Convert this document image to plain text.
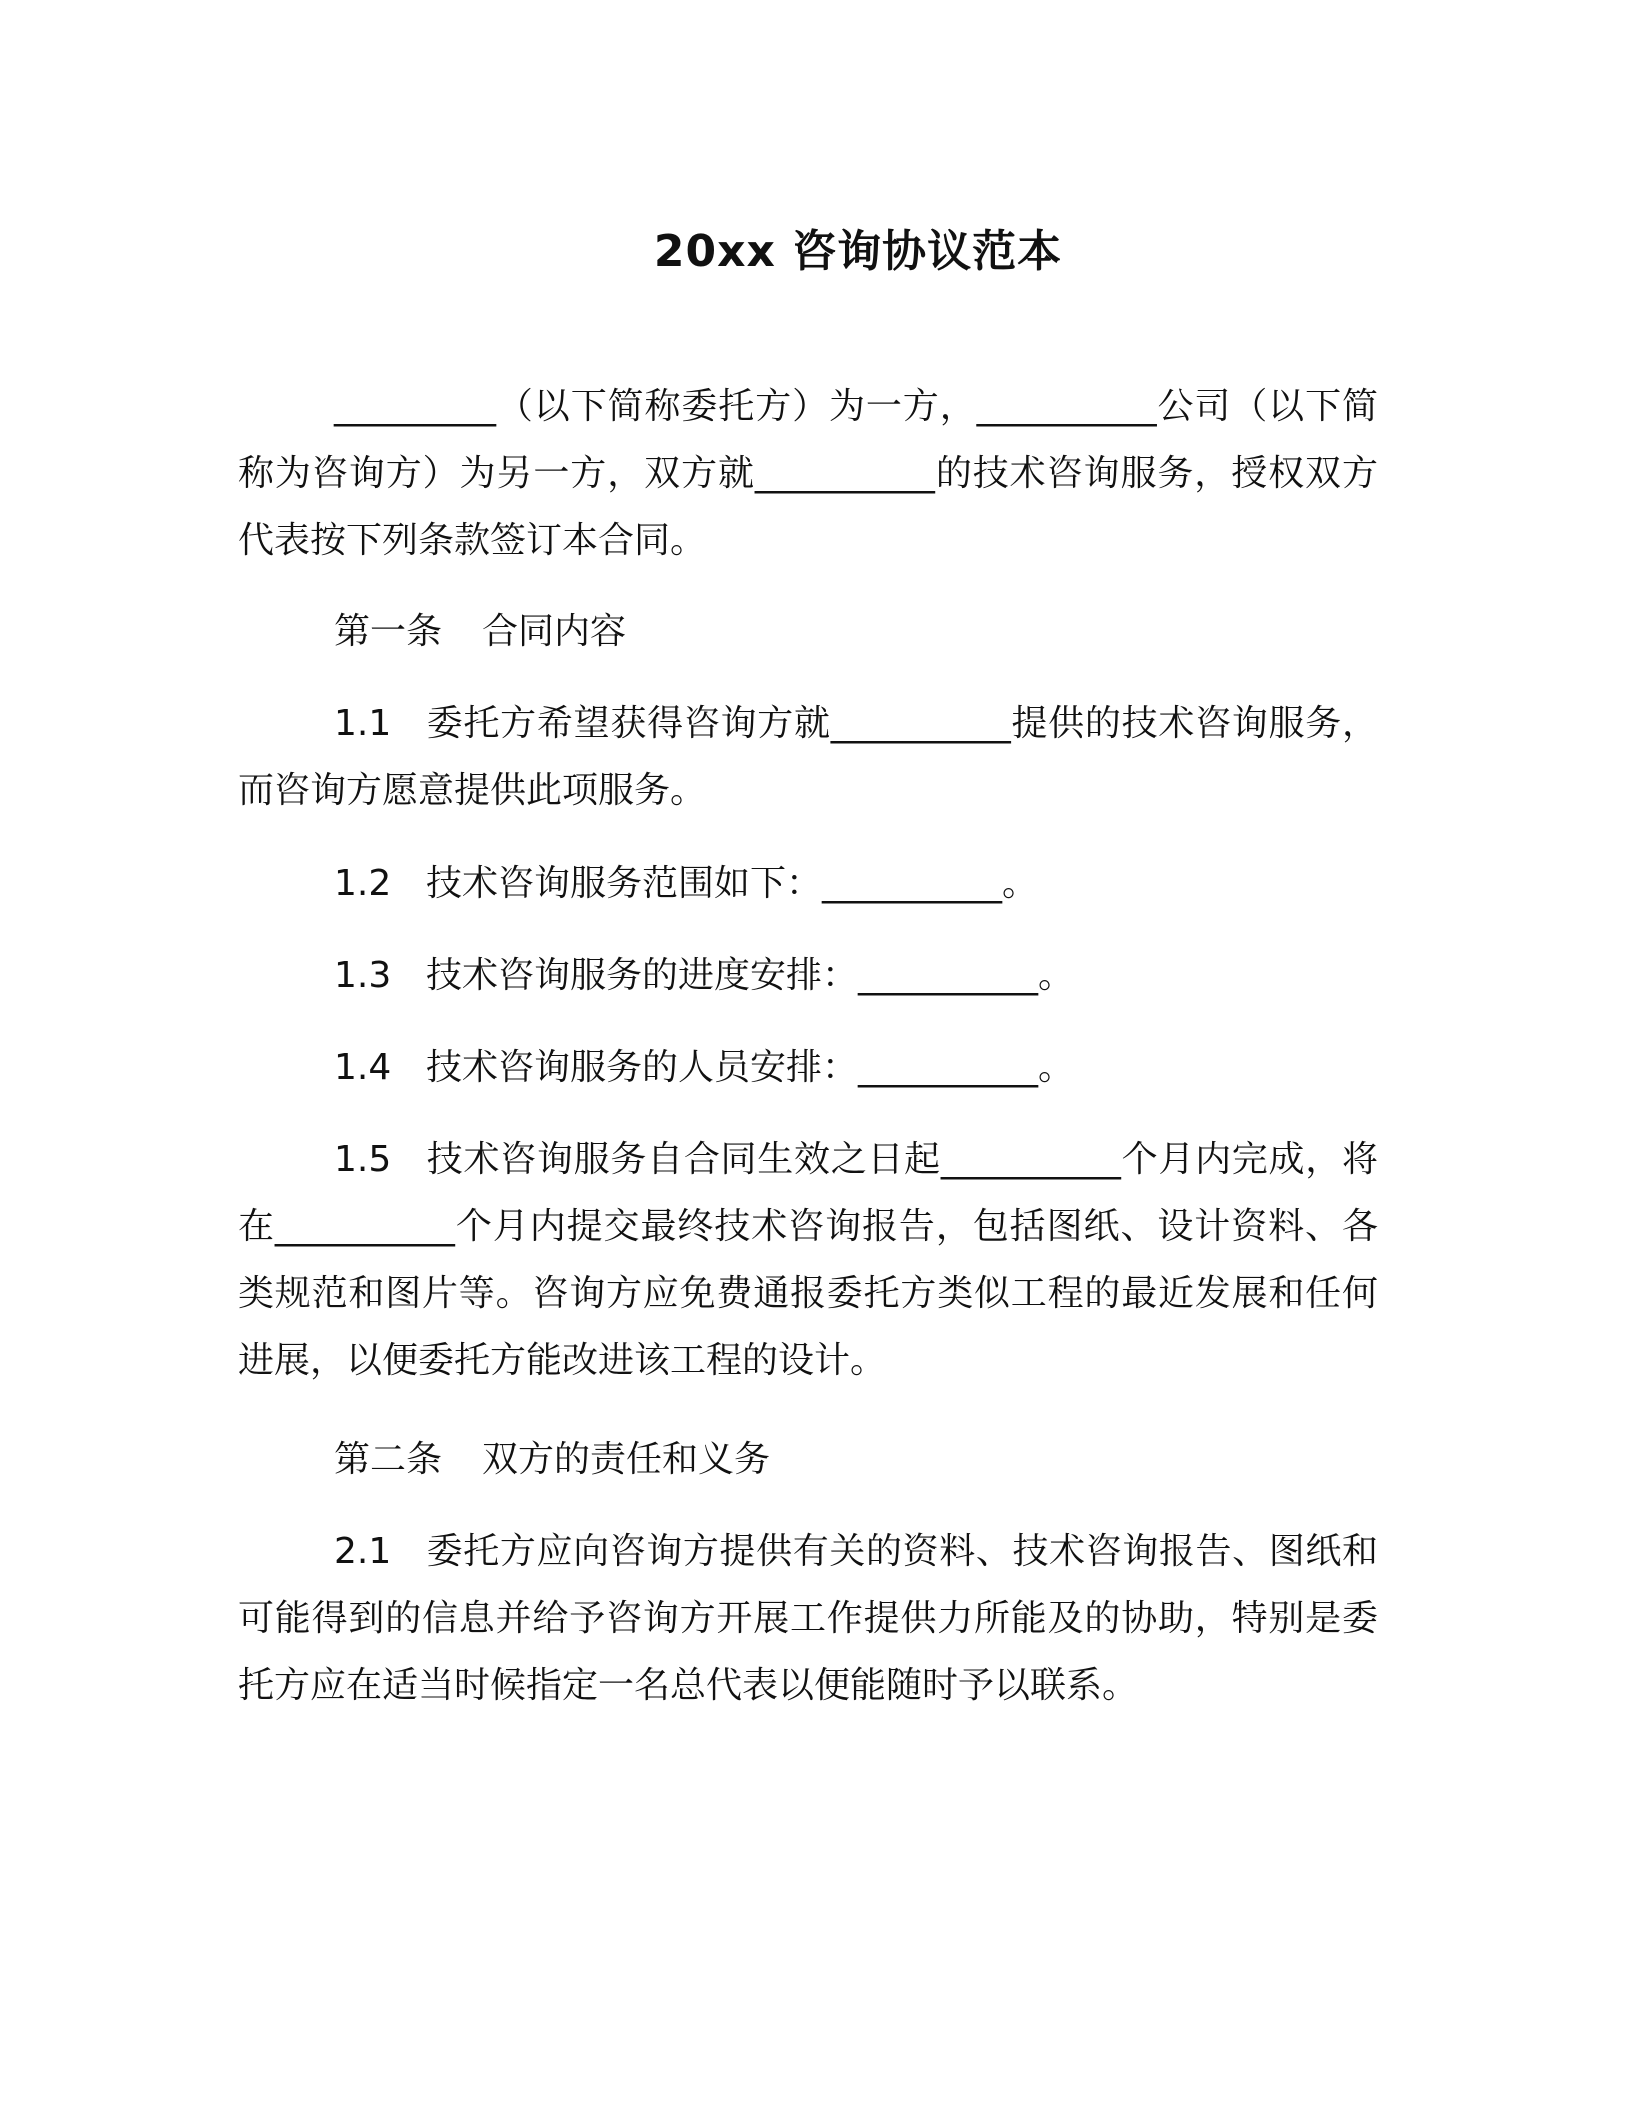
20xx 咨询协议范本

_________（以下简称委托方）为一方，__________公司（以下简称为咨询方）为另一方，双方就__________的技术咨询服务，授权双方代表按下列条款签订本合同。

第一条 合同内容

1.1 委托方希望获得咨询方就__________提供的技术咨询服务，而咨询方愿意提供此项服务。

1.2 技术咨询服务范围如下：__________。

1.3 技术咨询服务的进度安排：__________。

1.4 技术咨询服务的人员安排：__________。

1.5 技术咨询服务自合同生效之日起__________个月内完成，将在__________个月内提交最终技术咨询报告，包括图纸、设计资料、各类规范和图片等。咨询方应免费通报委托方类似工程的最近发展和任何进展，以便委托方能改进该工程的设计。

第二条 双方的责任和义务

2.1 委托方应向咨询方提供有关的资料、技术咨询报告、图纸和可能得到的信息并给予咨询方开展工作提供力所能及的协助，特别是委托方应在适当时候指定一名总代表以便能随时予以联系。
